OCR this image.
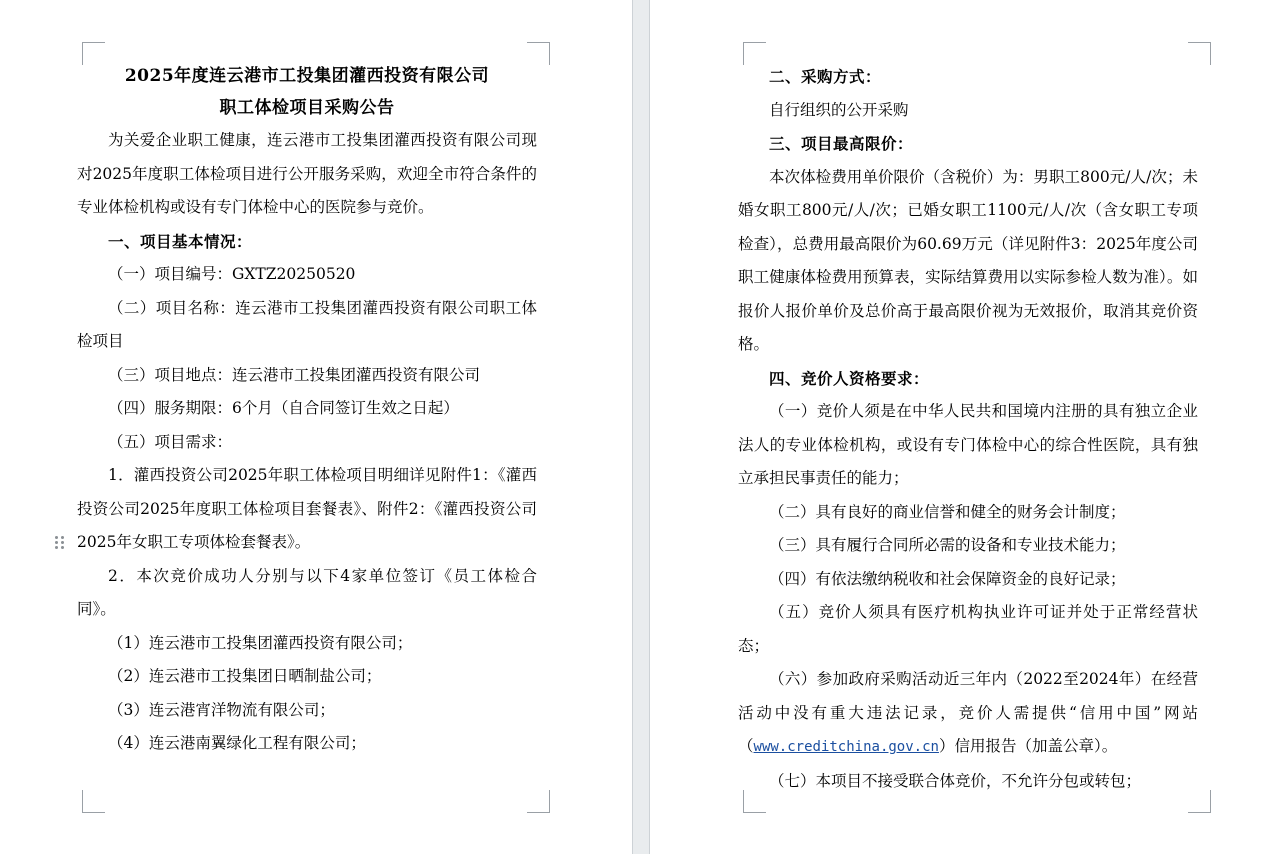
2025年度连云港市工投集团灌西投资有限公司

职工体检项目采购公告

为关爱企业职工健康，连云港市工投集团灌西投资有限公司现对2025年度职工体检项目进行公开服务采购，欢迎全市符合条件的专业体检机构或设有专门体检中心的医院参与竞价。

一、项目基本情况：

（一）项目编号：GXTZ20250520

（二）项目名称：连云港市工投集团灌西投资有限公司职工体检项目

（三）项目地点：连云港市工投集团灌西投资有限公司

（四）服务期限：6个月（自合同签订生效之日起）

（五）项目需求：

1．灌西投资公司2025年职工体检项目明细详见附件1：《灌西投资公司2025年度职工体检项目套餐表》、附件2：《灌西投资公司2025年女职工专项体检套餐表》。

2．本次竞价成功人分别与以下4家单位签订《员工体检合同》。

（1）连云港市工投集团灌西投资有限公司；

（2）连云港市工投集团日晒制盐公司；

（3）连云港宵洋物流有限公司；

（4）连云港南翼绿化工程有限公司；

二、采购方式：

自行组织的公开采购

三、项目最高限价：

本次体检费用单价限价（含税价）为：男职工800元/人/次；未婚女职工800元/人/次；已婚女职工1100元/人/次（含女职工专项检查），总费用最高限价为60.69万元（详见附件3：2025年度公司职工健康体检费用预算表，实际结算费用以实际参检人数为准）。如报价人报价单价及总价高于最高限价视为无效报价，取消其竞价资格。

四、竞价人资格要求：

（一）竞价人须是在中华人民共和国境内注册的具有独立企业法人的专业体检机构，或设有专门体检中心的综合性医院，具有独立承担民事责任的能力；

（二）具有良好的商业信誉和健全的财务会计制度；

（三）具有履行合同所必需的设备和专业技术能力；

（四）有依法缴纳税收和社会保障资金的良好记录；

（五）竞价人须具有医疗机构执业许可证并处于正常经营状态；

（六）参加政府采购活动近三年内（2022至2024年）在经营活动中没有重大违法记录，竞价人需提供“信用中国”网站（www.creditchina.gov.cn）信用报告（加盖公章）。

（七）本项目不接受联合体竞价，不允许分包或转包；
